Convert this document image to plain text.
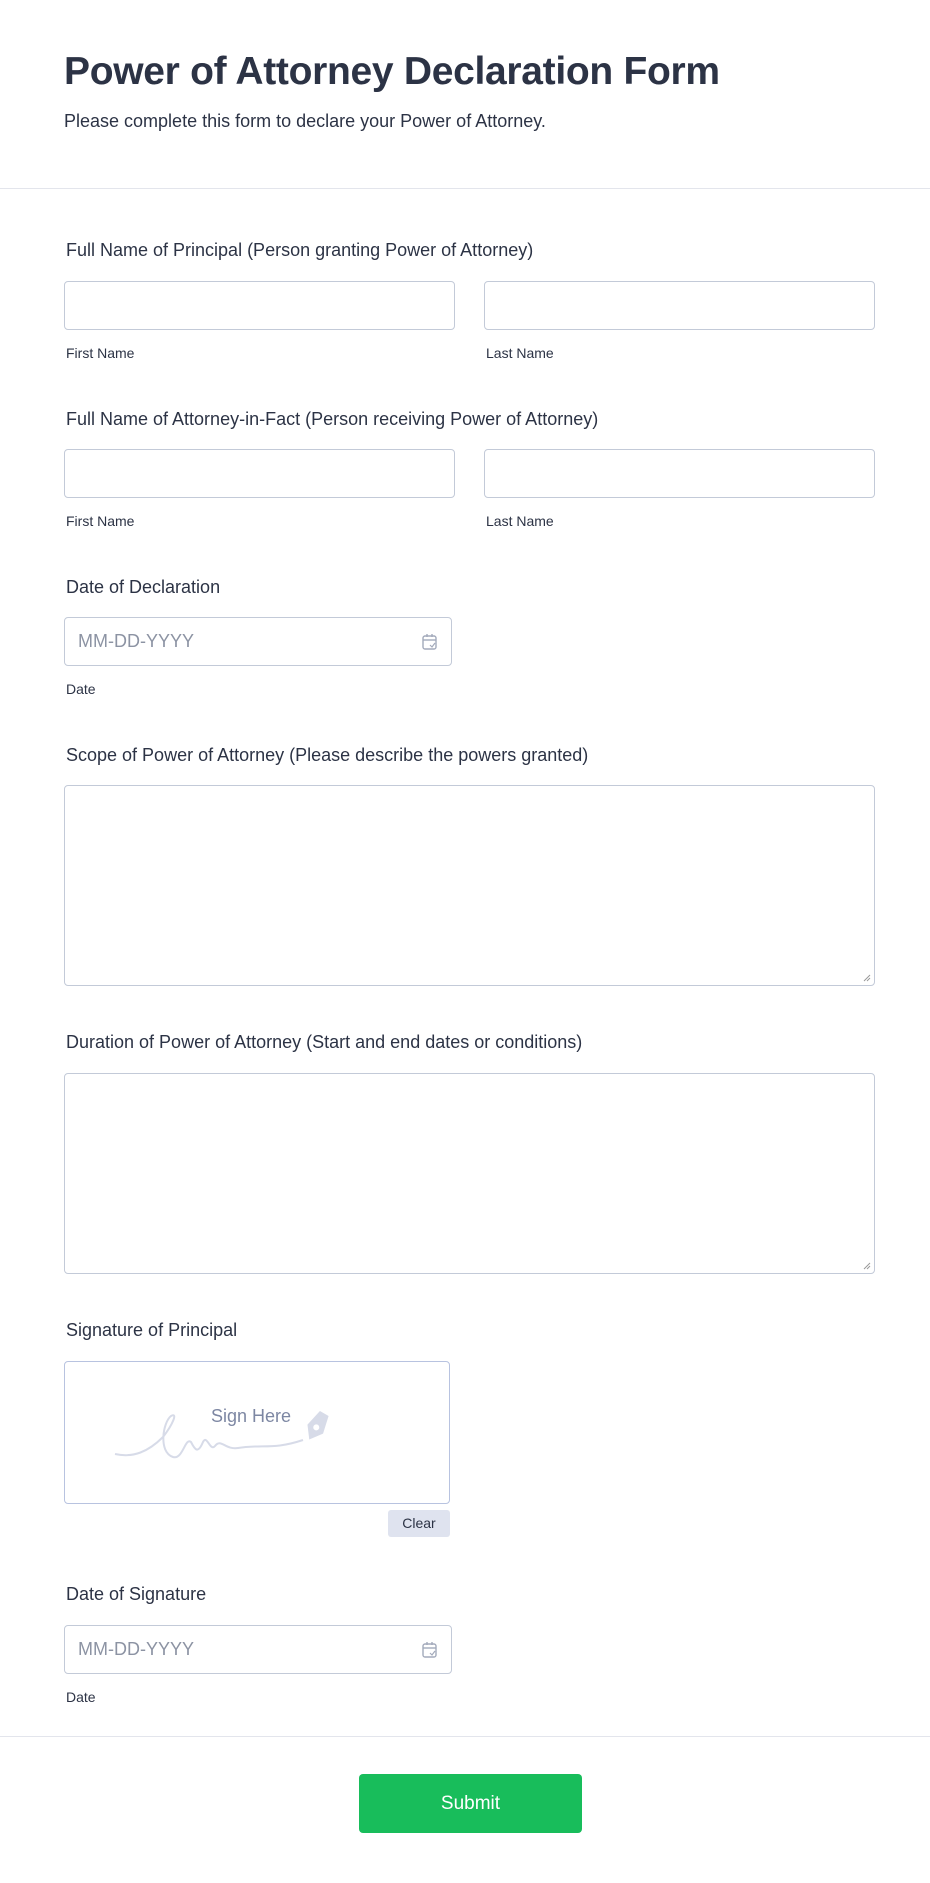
Power of Attorney Declaration Form
Please complete this form to declare your Power of Attorney.
Full Name of Principal (Person granting Power of Attorney)
First Name	Last Name
Full Name of Attorney-in-Fact (Person receiving Power of Attorney)
First Name	Last Name
Date of Declaration
MM-DD-YYYY
Date
Scope of Power of Attorney (Please describe the powers granted)
Duration of Power of Attorney (Start and end dates or conditions)
Signature of Principal
Sign Here
Clear
Date of Signature
MM-DD-YYYY
Date
Submit
